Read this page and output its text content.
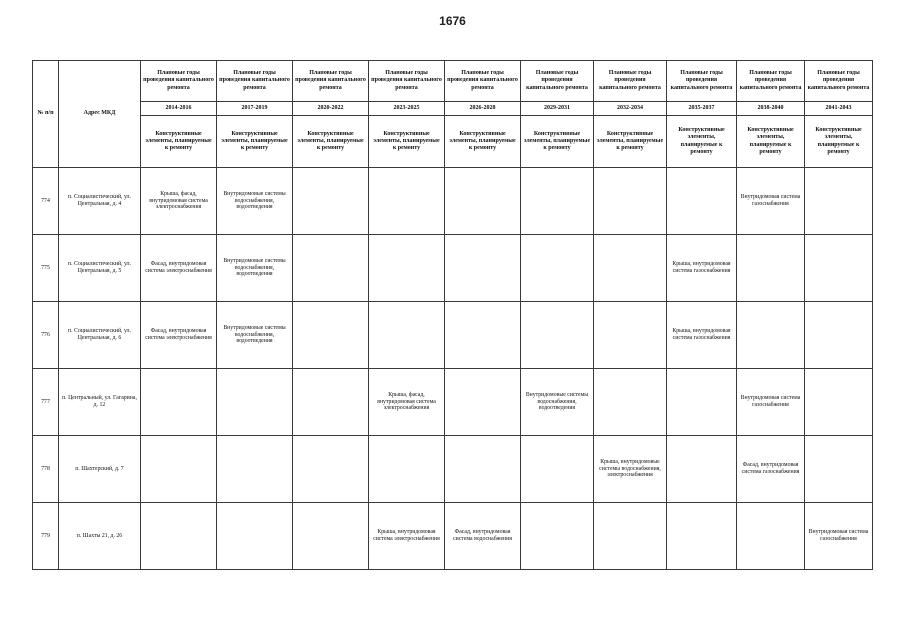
1676
№ п/п	Адрес МКД	Плановые годы проведения капитального ремонта	Плановые годы проведения капитального ремонта	Плановые годы проведения капитального ремонта	Плановые годы проведения капитального ремонта	Плановые годы проведения капитального ремонта	Плановые годы проведения капитального ремонта	Плановые годы проведения капитального ремонта	Плановые годы проведения капитального ремонта	Плановые годы проведения капитального ремонта	Плановые годы проведения капитального ремонта
		2014-2016	2017-2019	2020-2022	2023-2025	2026-2028	2029-2031	2032-2034	2035-2037	2038-2040	2041-2043
		Конструктивные элементы, планируемые к ремонту	Конструктивные элементы, планируемые к ремонту	Конструктивные элементы, планируемые к ремонту	Конструктивные элементы, планируемые к ремонту	Конструктивные элементы, планируемые к ремонту	Конструктивные элементы, планируемые к ремонту	Конструктивные элементы, планируемые к ремонту	Конструктивные элементы, планируемые к ремонту	Конструктивные элементы, планируемые к ремонту	Конструктивные элементы, планируемые к ремонту
774	п. Социалистический, ул. Центральная, д. 4	Крыша, фасад, внутридомовая система электроснабжения	Внутридомовые системы водоснабжения, водоотведения							Внутридомовая система газоснабжения	
775	п. Социалистический, ул. Центральная, д. 5	Фасад, внутридомовая система электроснабжения	Внутридомовые системы водоснабжения, водоотведения						Крыша, внутридомовая система газоснабжения		
776	п. Социалистический, ул. Центральная, д. 6	Фасад, внутридомовая система электроснабжения	Внутридомовые системы водоснабжения, водоотведения						Крыша, внутридомовая система газоснабжения		
777	п. Центральный, ул. Гагарина, д. 12				Крыша, фасад, внутридомовая система электроснабжения		Внутридомовые системы водоснабжения, водоотведения			Внутридомовая система газоснабжения	
778	п. Шахтерский, д. 7							Крыша, внутридомовые системы водоснабжения, электроснабжения		Фасад, внутридомовая система газоснабжения	
779	п. Шахты 21, д. 26				Крыша, внутридомовая система электроснабжения	Фасад, внутридомовая система водоснабжения					Внутридомовая система газоснабжения
